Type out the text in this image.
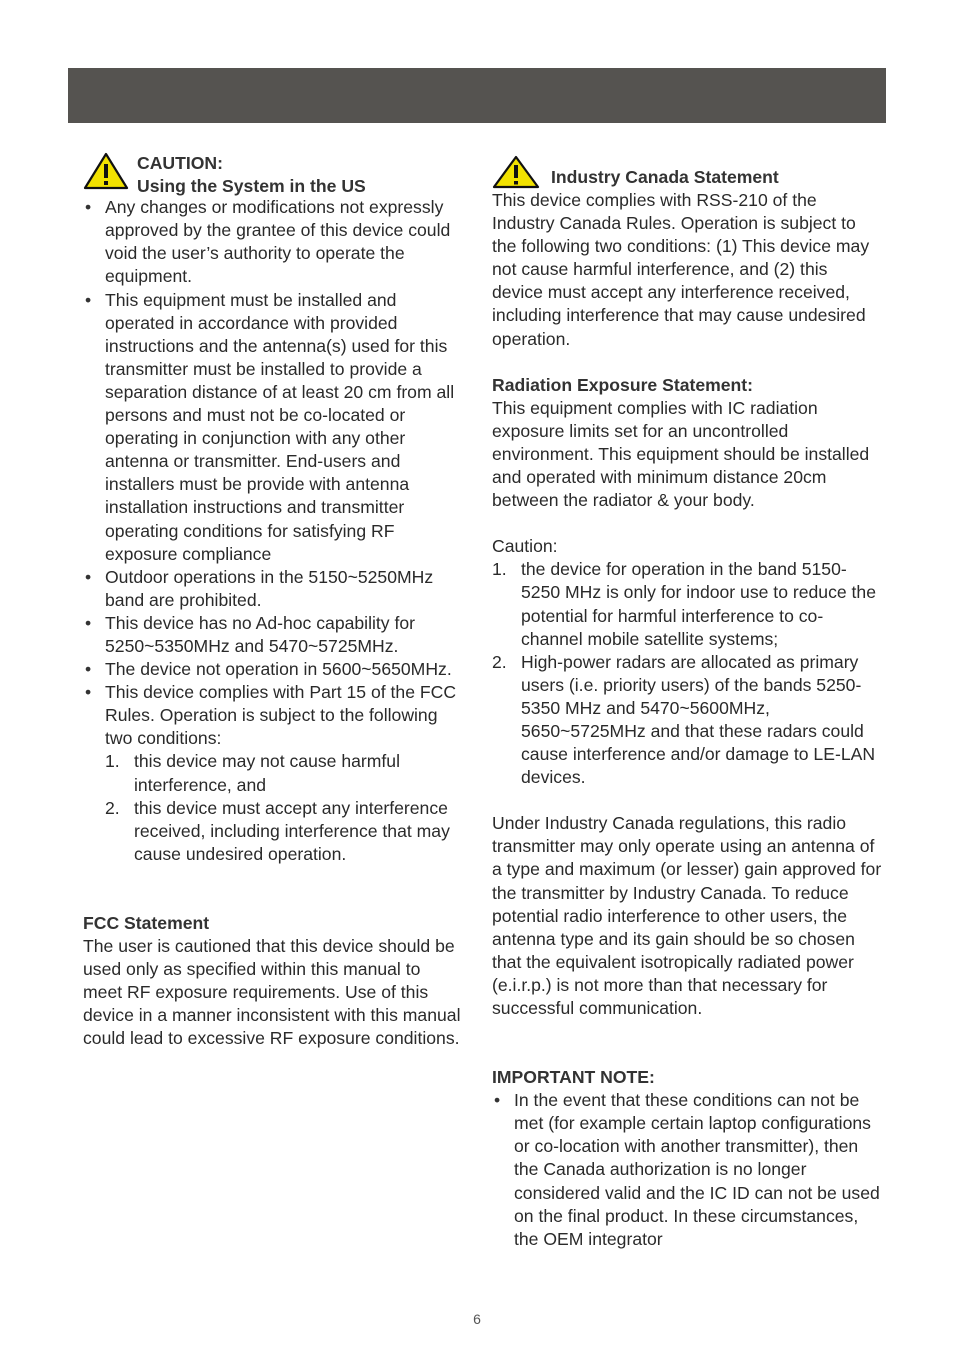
CAUTION:

Using the System in the US

• Any changes or modifications not expressly approved by the grantee of this device could void the user’s authority to operate the equipment.
• This equipment must be installed and operated in accordance with provided instructions and the antenna(s) used for this transmitter must be installed to provide a separation distance of at least 20 cm from all persons and must not be co-located or operating in conjunction with any other antenna or transmitter. End-users and installers must be provide with antenna installation instructions and transmitter operating conditions for satisfying RF exposure compliance
• Outdoor operations in the 5150~5250MHz band are prohibited.
• This device has no Ad-hoc capability for 5250~5350MHz and 5470~5725MHz.
• The device not operation in 5600~5650MHz.
• This device complies with Part 15 of the FCC Rules. Operation is subject to the following two conditions:
1. this device may not cause harmful interference, and
2. this device must accept any interference received, including interference that may cause undesired operation.

FCC Statement

The user is cautioned that this device should be used only as specified within this manual to meet RF exposure requirements. Use of this device in a manner inconsistent with this manual could lead to excessive RF exposure conditions.

Industry Canada Statement

This device complies with RSS-210 of the Industry Canada Rules. Operation is subject to the following two conditions: (1) This device may not cause harmful interference, and (2) this device must accept any interference received, including interference that may cause undesired operation.

Radiation Exposure Statement:

This equipment complies with IC radiation exposure limits set for an uncontrolled environment. This equipment should be installed and operated with minimum distance 20cm between the radiator & your body.

Caution:

1. the device for operation in the band 5150-5250 MHz is only for indoor use to reduce the potential for harmful interference to co-channel mobile satellite systems;
2. High-power radars are allocated as primary users (i.e. priority users) of the bands 5250-5350 MHz and 5470~5600MHz, 5650~5725MHz and that these radars could cause interference and/or damage to LE-LAN devices.

Under Industry Canada regulations, this radio transmitter may only operate using an antenna of a type and maximum (or lesser) gain approved for the transmitter by Industry Canada. To reduce potential radio interference to other users, the antenna type and its gain should be so chosen that the equivalent isotropically radiated power (e.i.r.p.) is not more than that necessary for successful communication.

IMPORTANT NOTE:

• In the event that these conditions can not be met (for example certain laptop configurations or co-location with another transmitter), then the Canada authorization is no longer considered valid and the IC ID can not be used on the final product. In these circumstances, the OEM integrator
6
